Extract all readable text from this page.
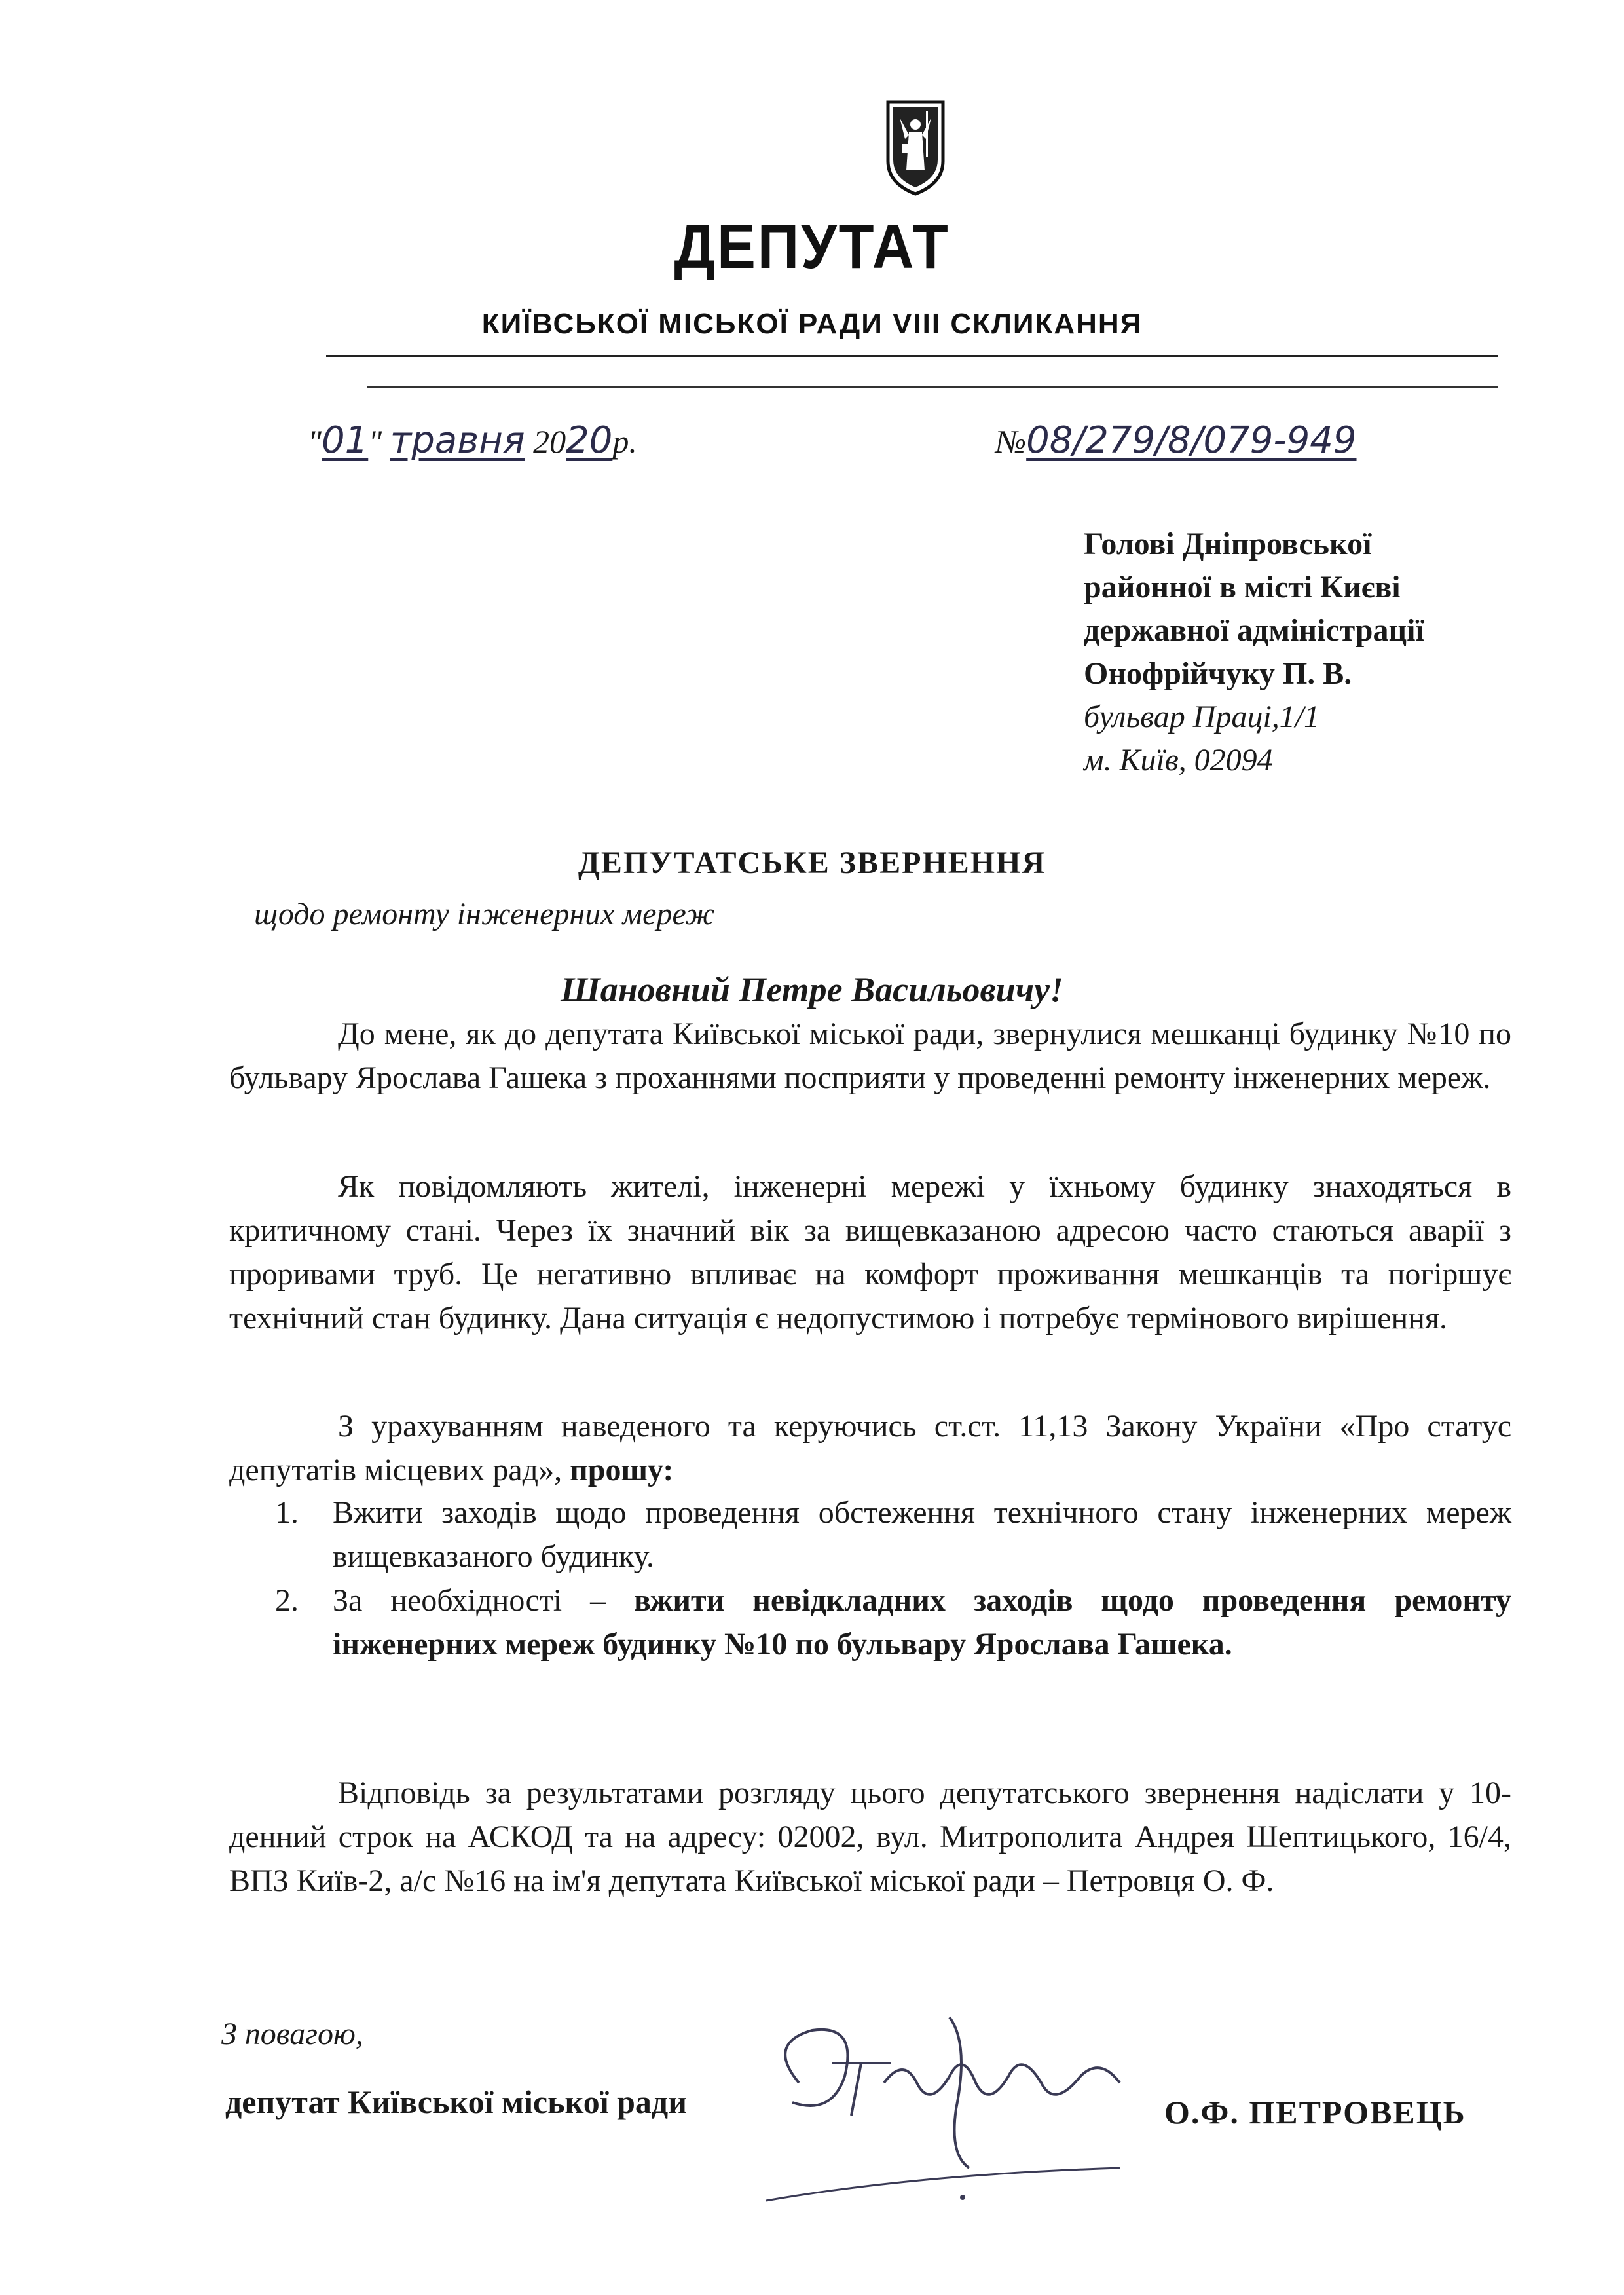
ДЕПУТАТ
КИЇВСЬКОЇ МІСЬКОЇ РАДИ VIII СКЛИКАННЯ
"01" травня 2020р.	№08/279/8/079-949
Голові Дніпровської
районної в місті Києві
державної адміністрації
Онофрійчуку П. В.
бульвар Праці,1/1
м. Київ, 02094
ДЕПУТАТСЬКЕ ЗВЕРНЕННЯ
щодо ремонту інженерних мереж
Шановний Петре Васильовичу!
До мене, як до депутата Київської міської ради, звернулися мешканці будинку №10 по бульвару Ярослава Гашека з проханнями посприяти у проведенні ремонту інженерних мереж.
Як повідомляють жителі, інженерні мережі у їхньому будинку знаходяться в критичному стані. Через їх значний вік за вищевказаною адресою часто стаються аварії з проривами труб. Це негативно впливає на комфорт проживання мешканців та погіршує технічний стан будинку. Дана ситуація є недопустимою і потребує термінового вирішення.
З урахуванням наведеного та керуючись ст.ст. 11,13 Закону України «Про статус депутатів місцевих рад», прошу:
1.	Вжити заходів щодо проведення обстеження технічного стану інженерних мереж вищевказаного будинку.
2.	За необхідності – вжити невідкладних заходів щодо проведення ремонту інженерних мереж будинку №10 по бульвару Ярослава Гашека.
Відповідь за результатами розгляду цього депутатського звернення надіслати у 10-денний строк на АСКОД та на адресу: 02002, вул. Митрополита Андрея Шептицького, 16/4, ВПЗ Київ-2, а/с №16 на ім'я депутата Київської міської ради – Петровця О. Ф.
З повагою,
депутат Київської міської ради	О.Ф. ПЕТРОВЕЦЬ
